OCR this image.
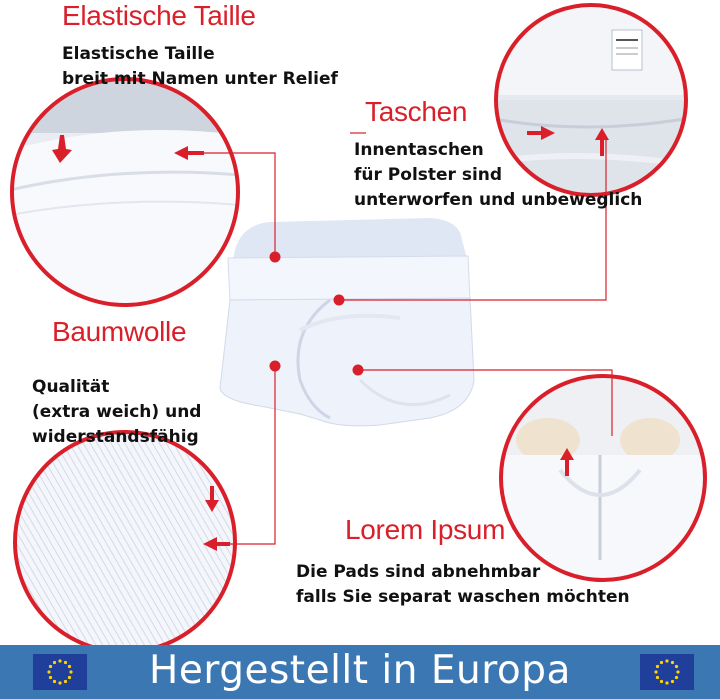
Elastische Taille
Elastische Taille
breit mit Namen unter Relief
Taschen
Innentaschen
für Polster sind
unterworfen und unbeweglich
Baumwolle
Qualität
(extra weich) und
widerstandsfähig
Lorem Ipsum
Die Pads sind abnehmbar
falls Sie separat waschen möchten
Hergestellt in Europa
